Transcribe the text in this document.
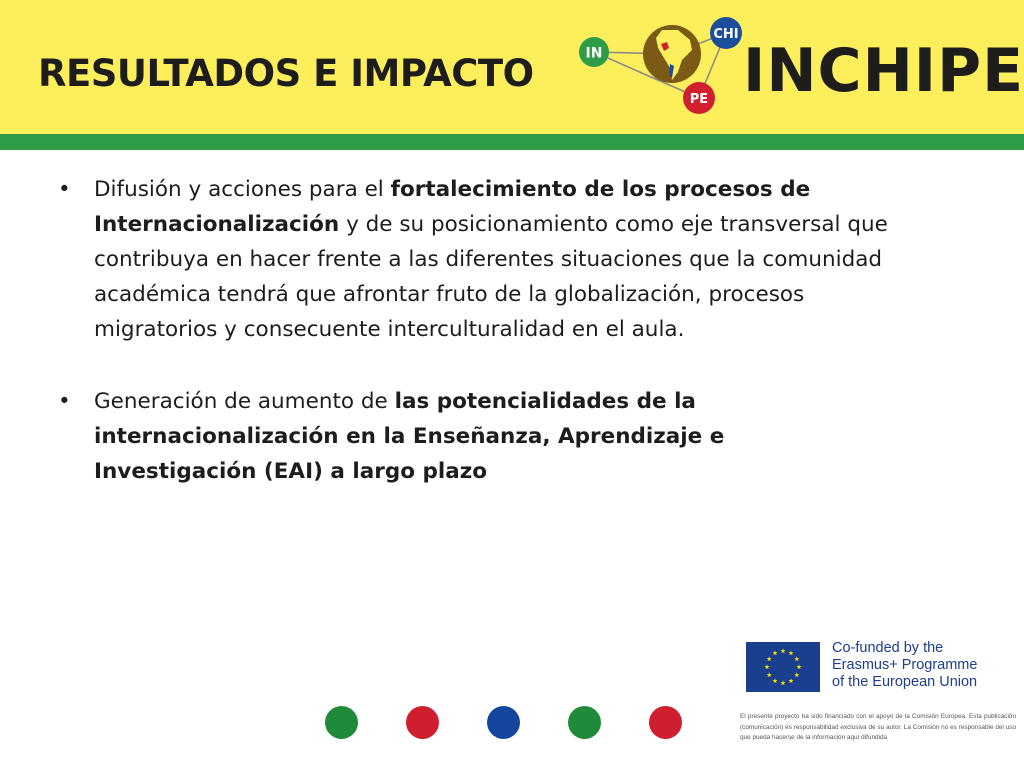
RESULTADOS E IMPACTO	IN
CHI
PE INCHIPE
• Difusión y acciones para el fortalecimiento de los procesos de Internacionalización y de su posicionamiento como eje transversal que contribuya en hacer frente a las diferentes situaciones que la comunidad académica tendrá que afrontar fruto de la globalización, procesos migratorios y consecuente interculturalidad en el aula.
• Generación de aumento de las potencialidades de la internacionalización en la Enseñanza, Aprendizaje e Investigación (EAI) a largo plazo
Co-funded by the
Erasmus+ Programme
of the European Union
El presente proyecto ha sido financiado con el apoyo de la Comisión Europea. Esta publicación (comunicación) es responsabilidad exclusiva de su autor. La Comisión no es responsable del uso que pueda hacerse de la información aquí difundida
